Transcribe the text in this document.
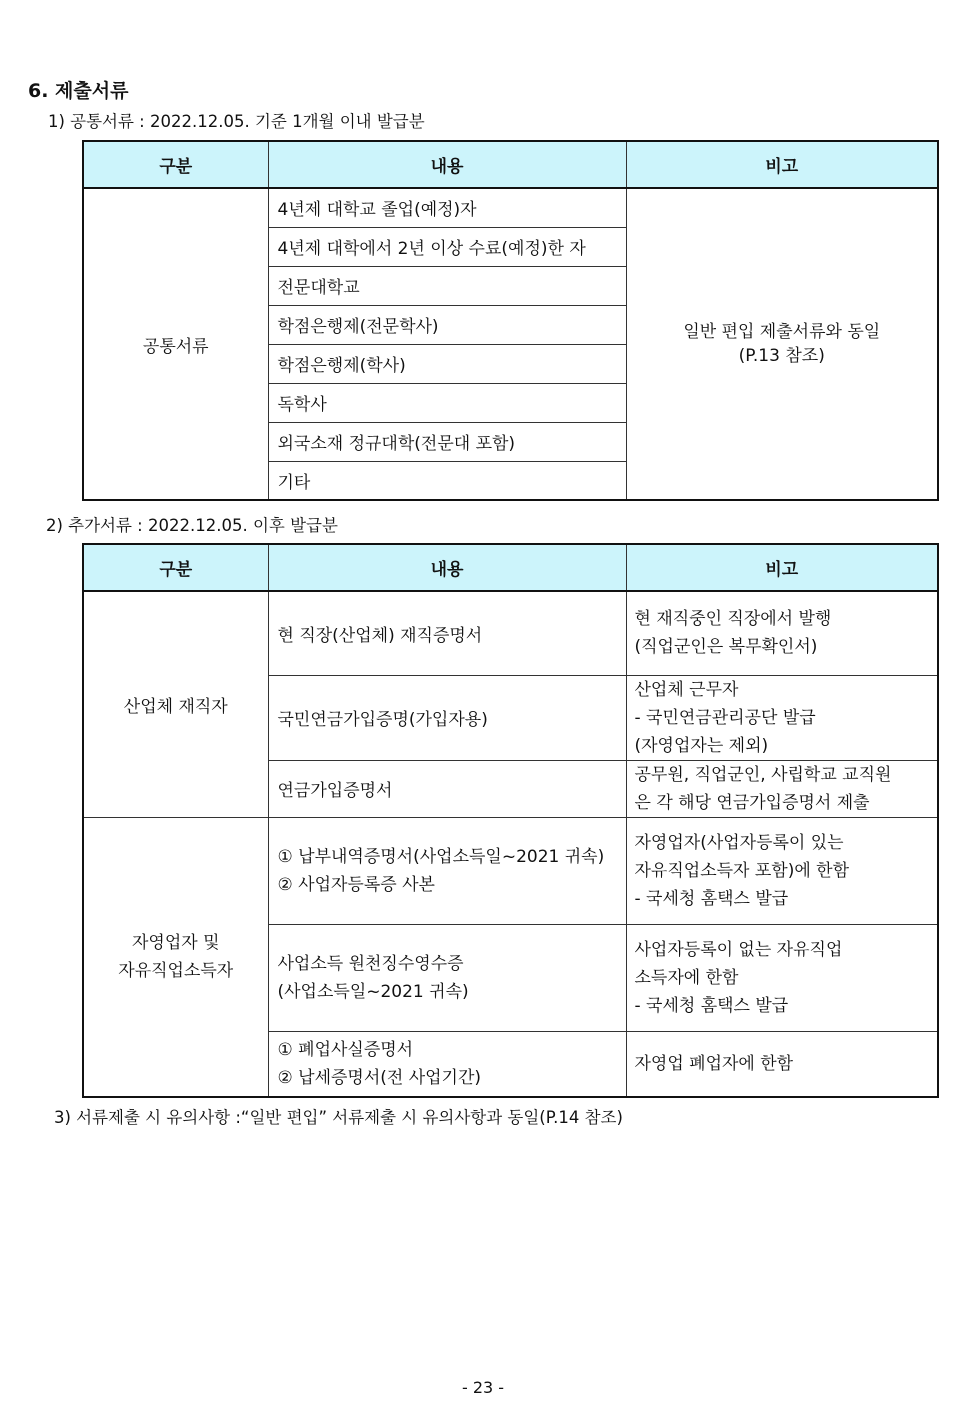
6. 제출서류
1) 공통서류 : 2022.12.05. 기준 1개월 이내 발급분
구분	내용	비고
공통서류	4년제 대학교 졸업(예정)자	일반 편입 제출서류와 동일
(P.13 참조)

	4년제 대학에서 2년 이상 수료(예정)한 자	
	전문대학교	
	학점은행제(전문학사)	
	학점은행제(학사)	
	독학사	
	외국소재 정규대학(전문대 포함)	
	기타	
2) 추가서류 : 2022.12.05. 이후 발급분
구분	내용	비고
산업체 재직자	현 직장(산업체) 재직증명서	현 재직중인 직장에서 발행
(직업군인은 복무확인서)

	국민연금가입증명(가입자용)	산업체 근무자
- 국민연금관리공단 발급
(자영업자는 제외)

	연금가입증명서	공무원, 직업군인, 사립학교 교직원
은 각 해당 연금가입증명서 제출

자영업자 및
자유직업소득자	① 납부내역증명서(사업소득일~2021 귀속)
② 사업자등록증 사본	자영업자(사업자등록이 있는
자유직업소득자 포함)에 한함
- 국세청 홈택스 발급

	사업소득 원천징수영수증
(사업소득일~2021 귀속)	사업자등록이 없는 자유직업
소득자에 한함
- 국세청 홈택스 발급

	① 폐업사실증명서
② 납세증명서(전 사업기간)	자영업 폐업자에 한함
3) 서류제출 시 유의사항 :“일반 편입” 서류제출 시 유의사항과 동일(P.14 참조)
- 23 -
